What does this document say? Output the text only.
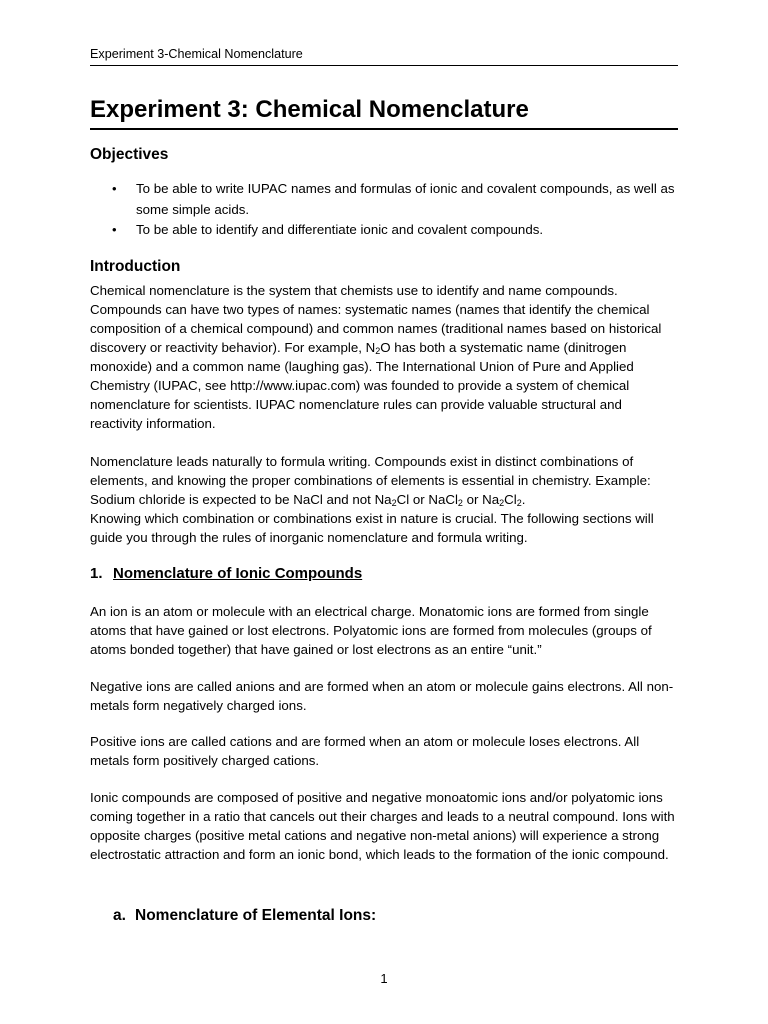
Experiment 3-Chemical Nomenclature
Experiment 3: Chemical Nomenclature
Objectives
• To be able to write IUPAC names and formulas of ionic and covalent compounds, as well as some simple acids.
• To be able to identify and differentiate ionic and covalent compounds.
Introduction

Chemical nomenclature is the system that chemists use to identify and name compounds. Compounds can have two types of names: systematic names (names that identify the chemical composition of a chemical compound) and common names (traditional names based on historical discovery or reactivity behavior). For example, $N_2O$ has both a systematic name (dinitrogen monoxide) and a common name (laughing gas). The International Union of Pure and Applied Chemistry (IUPAC, see http://www.iupac.com) was founded to provide a system of chemical nomenclature for scientists. IUPAC nomenclature rules can provide valuable structural and reactivity information.

Nomenclature leads naturally to formula writing. Compounds exist in distinct combinations of elements, and knowing the proper combinations of elements is essential in chemistry. Example: Sodium chloride is expected to be NaCl and not $Na_2Cl$ or NaCl$_2$ or $Na_2Cl_2$.
Knowing which combination or combinations exist in nature is crucial. The following sections will guide you through the rules of inorganic nomenclature and formula writing.

1. Nomenclature of Ionic Compounds

An ion is an atom or molecule with an electrical charge. Monatomic ions are formed from single atoms that have gained or lost electrons. Polyatomic ions are formed from molecules (groups of atoms bonded together) that have gained or lost electrons as an entire “unit.”

Negative ions are called anions and are formed when an atom or molecule gains electrons. All non-metals form negatively charged ions.

Positive ions are called cations and are formed when an atom or molecule loses electrons. All metals form positively charged cations.

Ionic compounds are composed of positive and negative monoatomic ions and/or polyatomic ions coming together in a ratio that cancels out their charges and leads to a neutral compound. Ions with opposite charges (positive metal cations and negative non-metal anions) will experience a strong electrostatic attraction and form an ionic bond, which leads to the formation of the ionic compound.

a. Nomenclature of Elemental Ions:
1
